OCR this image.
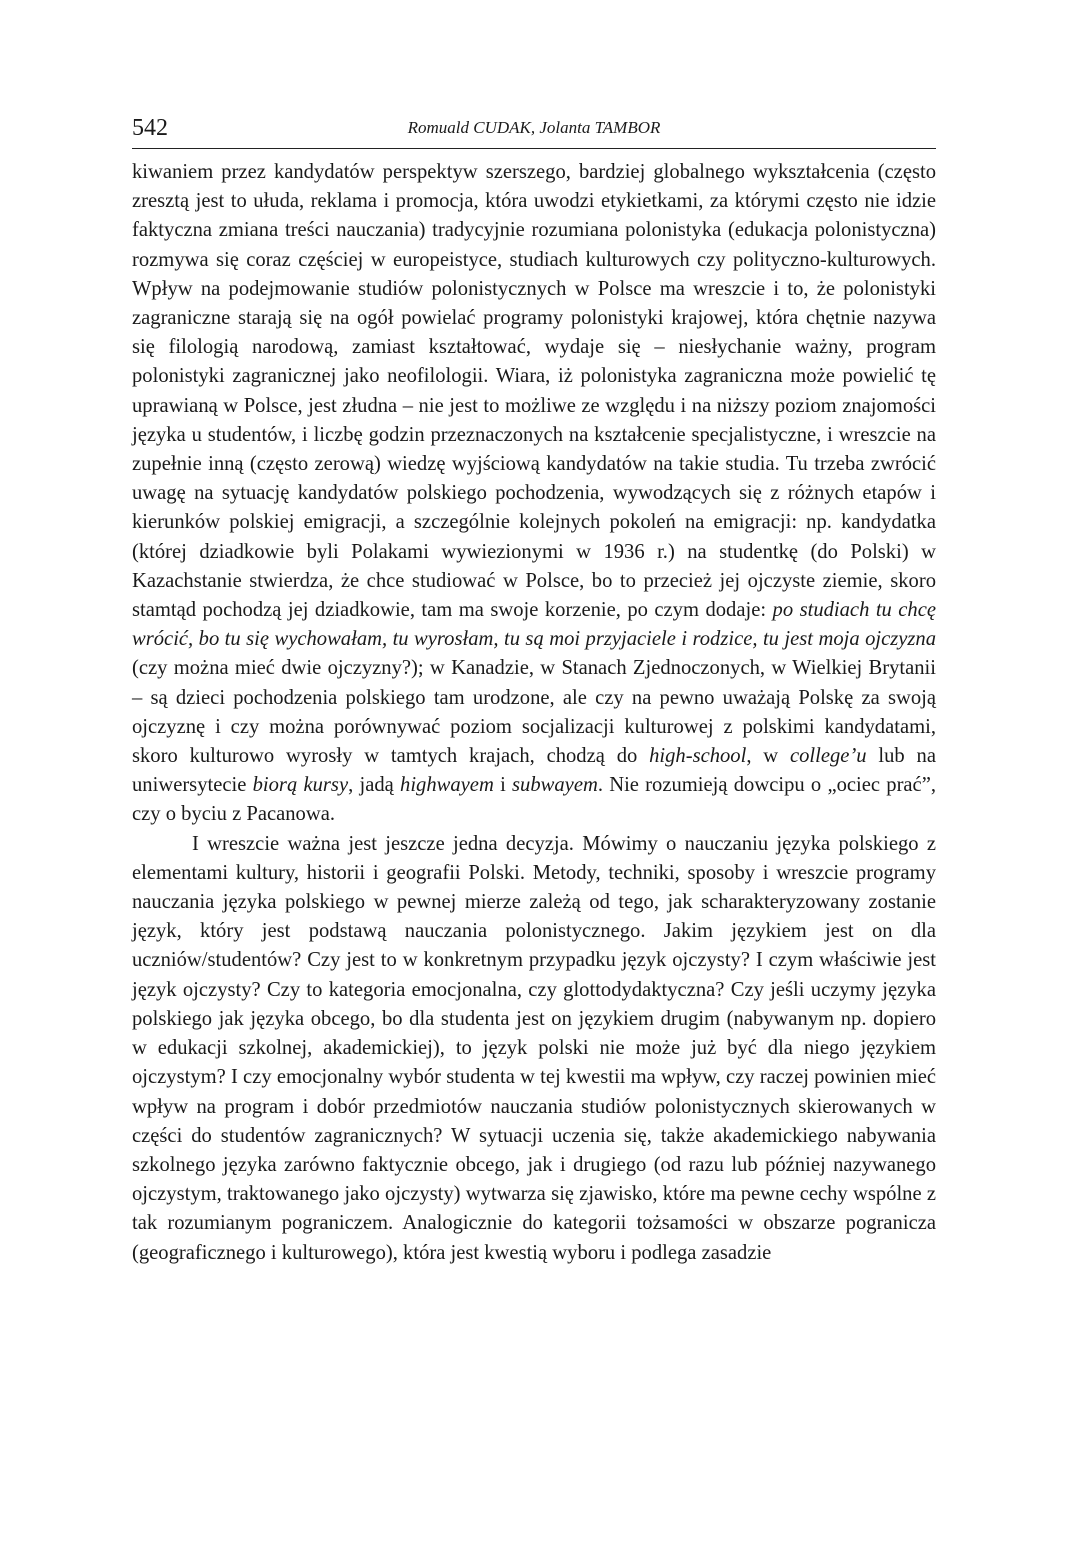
542	Romuald CUDAK, Jolanta TAMBOR

kiwaniem przez kandydatów perspektyw szerszego, bardziej globalnego wykształcenia (często zresztą jest to ułuda, reklama i promocja, która uwodzi etykietkami, za którymi często nie idzie faktyczna zmiana treści nauczania) tradycyjnie rozumiana polonistyka (edukacja polonistyczna) rozmywa się coraz częściej w europeistyce, studiach kulturowych czy polityczno-kulturowych. Wpływ na podejmowanie studiów polonistycznych w Polsce ma wreszcie i to, że polonistyki zagraniczne starają się na ogół powielać programy polonistyki krajowej, która chętnie nazywa się filologią narodową, zamiast kształtować, wydaje się – niesłychanie ważny, program polonistyki zagranicznej jako neofilologii. Wiara, iż polonistyka zagraniczna może powielić tę uprawianą w Polsce, jest złudna – nie jest to możliwe ze względu i na niższy poziom znajomości języka u studentów, i liczbę godzin przeznaczonych na kształcenie specjalistyczne, i wreszcie na zupełnie inną (często zerową) wiedzę wyjściową kandydatów na takie studia. Tu trzeba zwrócić uwagę na sytuację kandydatów polskiego pochodzenia, wywodzących się z różnych etapów i kierunków polskiej emigracji, a szczególnie kolejnych pokoleń na emigracji: np. kandydatka (której dziadkowie byli Polakami wywiezionymi w 1936 r.) na studentkę (do Polski) w Kazachstanie stwierdza, że chce studiować w Polsce, bo to przecież jej ojczyste ziemie, skoro stamtąd pochodzą jej dziadkowie, tam ma swoje korzenie, po czym dodaje: po studiach tu chcę wrócić, bo tu się wychowałam, tu wyrosłam, tu są moi przyjaciele i rodzice, tu jest moja ojczyzna (czy można mieć dwie ojczyzny?); w Kanadzie, w Stanach Zjednoczonych, w Wielkiej Brytanii – są dzieci pochodzenia polskiego tam urodzone, ale czy na pewno uważają Polskę za swoją ojczyznę i czy można porównywać poziom socjalizacji kulturowej z polskimi kandydatami, skoro kulturowo wyrosły w tamtych krajach, chodzą do high-school, w college’u lub na uniwersytecie biorą kursy, jadą highwayem i subwayem. Nie rozumieją dowcipu o „ociec prać”, czy o byciu z Pacanowa.

I wreszcie ważna jest jeszcze jedna decyzja. Mówimy o nauczaniu języka polskiego z elementami kultury, historii i geografii Polski. Metody, techniki, sposoby i wreszcie programy nauczania języka polskiego w pewnej mierze zależą od tego, jak scharakteryzowany zostanie język, który jest podstawą nauczania polonistycznego. Jakim językiem jest on dla uczniów/studentów? Czy jest to w konkretnym przypadku język ojczysty? I czym właściwie jest język ojczysty? Czy to kategoria emocjonalna, czy glottodydaktyczna? Czy jeśli uczymy języka polskiego jak języka obcego, bo dla studenta jest on językiem drugim (nabywanym np. dopiero w edukacji szkolnej, akademickiej), to język polski nie może już być dla niego językiem ojczystym? I czy emocjonalny wybór studenta w tej kwestii ma wpływ, czy raczej powinien mieć wpływ na program i dobór przedmiotów nauczania studiów polonistycznych skierowanych w części do studentów zagranicznych? W sytuacji uczenia się, także akademickiego nabywania szkolnego języka zarówno faktycznie obcego, jak i drugiego (od razu lub później nazywanego ojczystym, traktowanego jako ojczysty) wytwarza się zjawisko, które ma pewne cechy wspólne z tak rozumianym pograniczem. Analogicznie do kategorii tożsamości w obszarze pogranicza (geograficznego i kulturowego), która jest kwestią wyboru i podlega zasadzie
